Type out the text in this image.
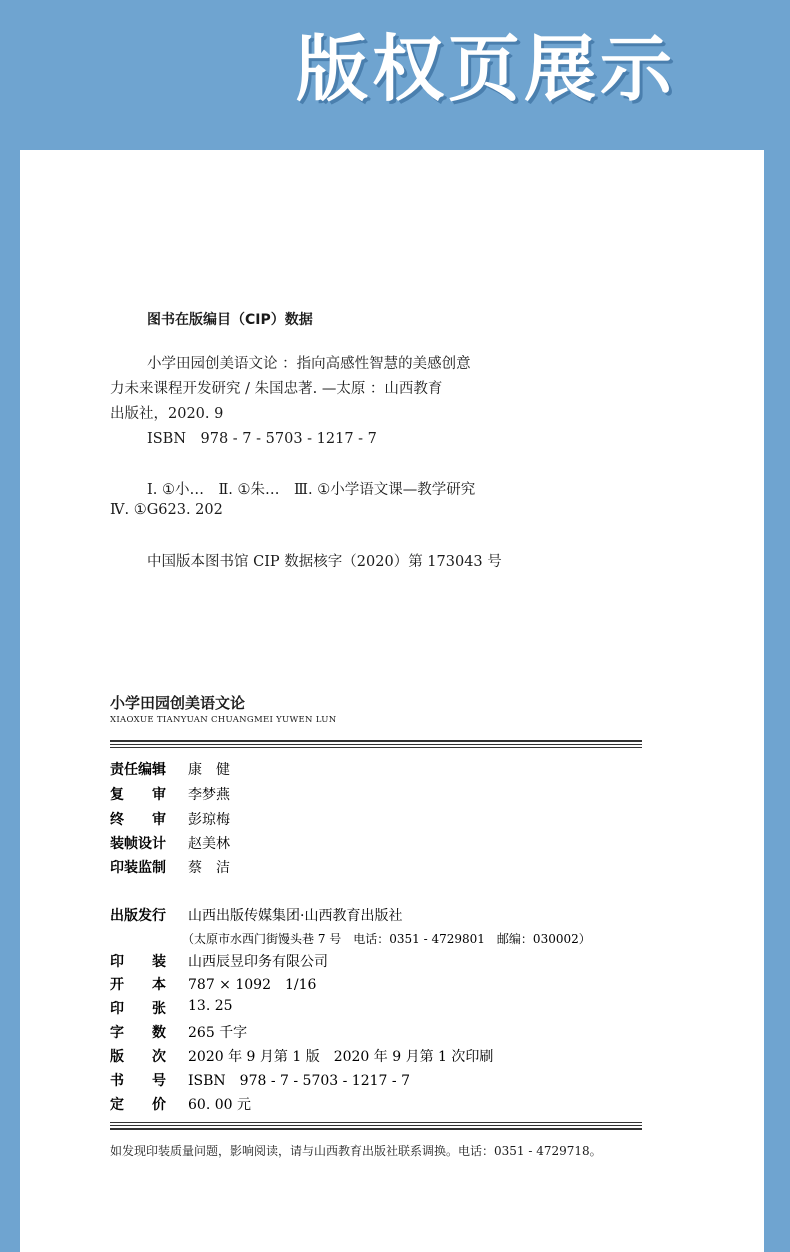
版权页展示
图书在版编目（CIP）数据
小学田园创美语文论 ：指向高感性智慧的美感创意
力未来课程开发研究 / 朱国忠著. —太原 ：山西教育
出版社，2020. 9
ISBN　978 - 7 - 5703 - 1217 - 7
Ⅰ. ①小…　Ⅱ. ①朱…　Ⅲ. ①小学语文课—教学研究
Ⅳ. ①G623. 202
中国版本图书馆 CIP 数据核字（2020）第 173043 号
小学田园创美语文论
XIAOXUE TIANYUAN CHUANGMEI YUWEN LUN
责任编辑 康　健
复　　审 李梦燕
终　　审 彭琼梅
装帧设计 赵美林
印装监制 蔡　洁
出版发行 山西出版传媒集团·山西教育出版社
（太原市水西门街馒头巷 7 号　电话：0351 - 4729801　邮编：030002）
印　　装 山西辰昱印务有限公司
开　　本 787 × 1092　1/16
印　　张 13. 25
字　　数 265 千字
版　　次 2020 年 9 月第 1 版　2020 年 9 月第 1 次印刷
书　　号 ISBN　978 - 7 - 5703 - 1217 - 7
定　　价 60. 00 元
如发现印装质量问题，影响阅读，请与山西教育出版社联系调换。电话：0351 - 4729718。
